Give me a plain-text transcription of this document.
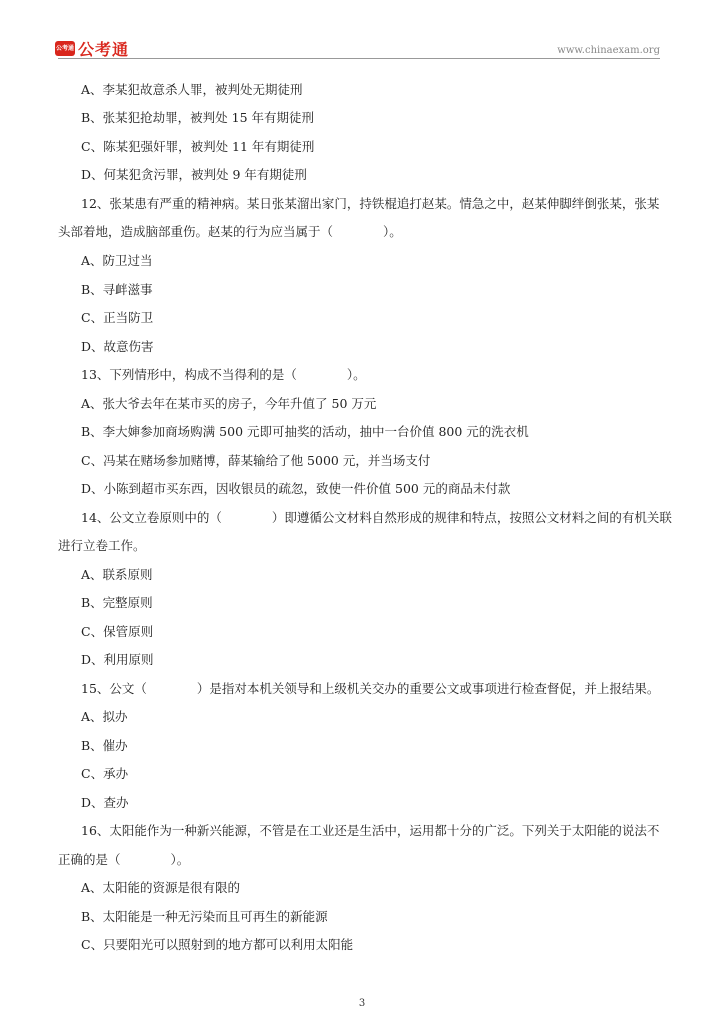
公考通 公考通	www.chinaexam.org
A、李某犯故意杀人罪，被判处无期徒刑
B、张某犯抢劫罪，被判处 15 年有期徒刑
C、陈某犯强奸罪，被判处 11 年有期徒刑
D、何某犯贪污罪，被判处 9 年有期徒刑
12、张某患有严重的精神病。某日张某溜出家门，持铁棍追打赵某。情急之中，赵某伸脚绊倒张某，张某
头部着地，造成脑部重伤。赵某的行为应当属于（　　　　）。
A、防卫过当
B、寻衅滋事
C、正当防卫
D、故意伤害
13、下列情形中，构成不当得利的是（　　　　）。
A、张大爷去年在某市买的房子，今年升值了 50 万元
B、李大婶参加商场购满 500 元即可抽奖的活动，抽中一台价值 800 元的洗衣机
C、冯某在赌场参加赌博，薛某输给了他 5000 元，并当场支付
D、小陈到超市买东西，因收银员的疏忽，致使一件价值 500 元的商品未付款
14、公文立卷原则中的（　　　　）即遵循公文材料自然形成的规律和特点，按照公文材料之间的有机关联
进行立卷工作。
A、联系原则
B、完整原则
C、保管原则
D、利用原则
15、公文（　　　　）是指对本机关领导和上级机关交办的重要公文或事项进行检查督促，并上报结果。
A、拟办
B、催办
C、承办
D、查办
16、太阳能作为一种新兴能源，不管是在工业还是生活中，运用都十分的广泛。下列关于太阳能的说法不
正确的是（　　　　）。
A、太阳能的资源是很有限的
B、太阳能是一种无污染而且可再生的新能源
C、只要阳光可以照射到的地方都可以利用太阳能
3
